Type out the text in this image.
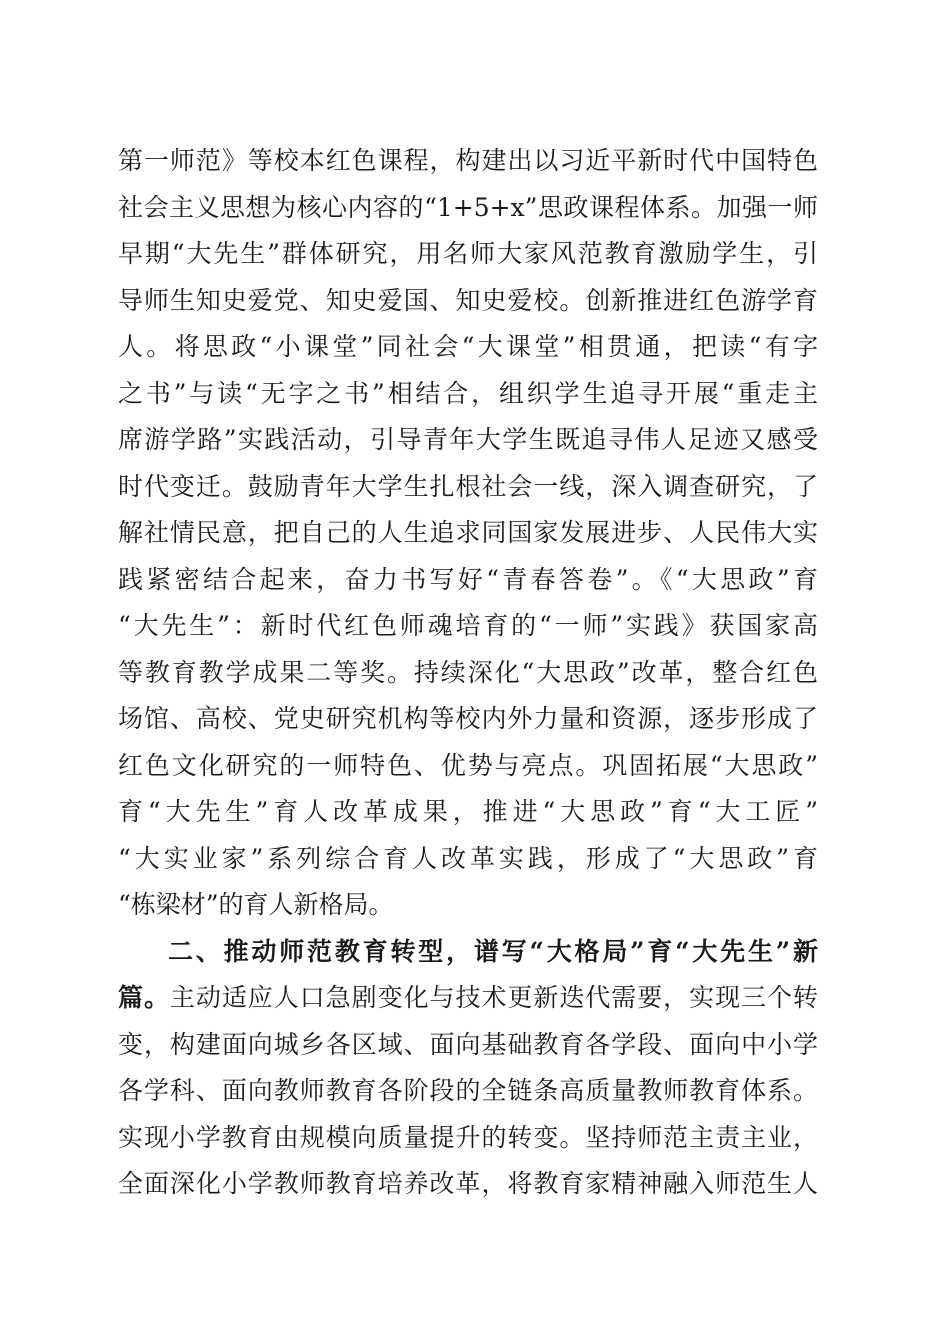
第一师范》等校本红色课程，构建出以习近平新时代中国特色
社会主义思想为核心内容的“1+5+x”思政课程体系。加强一师
早期“大先生”群体研究，用名师大家风范教育激励学生，引
导师生知史爱党、知史爱国、知史爱校。创新推进红色游学育
人。将思政“小课堂”同社会“大课堂”相贯通，把读“有字
之书”与读“无字之书”相结合，组织学生追寻开展“重走主
席游学路”实践活动，引导青年大学生既追寻伟人足迹又感受
时代变迁。鼓励青年大学生扎根社会一线，深入调查研究，了
解社情民意，把自己的人生追求同国家发展进步、人民伟大实
践紧密结合起来，奋力书写好“青春答卷”。《“大思政”育
“大先生”：新时代红色师魂培育的“一师”实践》获国家高
等教育教学成果二等奖。持续深化“大思政”改革，整合红色
场馆、高校、党史研究机构等校内外力量和资源，逐步形成了
红色文化研究的一师特色、优势与亮点。巩固拓展“大思政”
育“大先生”育人改革成果，推进“大思政”育“大工匠”
“大实业家”系列综合育人改革实践，形成了“大思政”育
“栋梁材”的育人新格局。
二、推动师范教育转型，谱写“大格局”育“大先生”新
篇。主动适应人口急剧变化与技术更新迭代需要，实现三个转
变，构建面向城乡各区域、面向基础教育各学段、面向中小学
各学科、面向教师教育各阶段的全链条高质量教师教育体系。
实现小学教育由规模向质量提升的转变。坚持师范主责主业，
全面深化小学教师教育培养改革，将教育家精神融入师范生人
